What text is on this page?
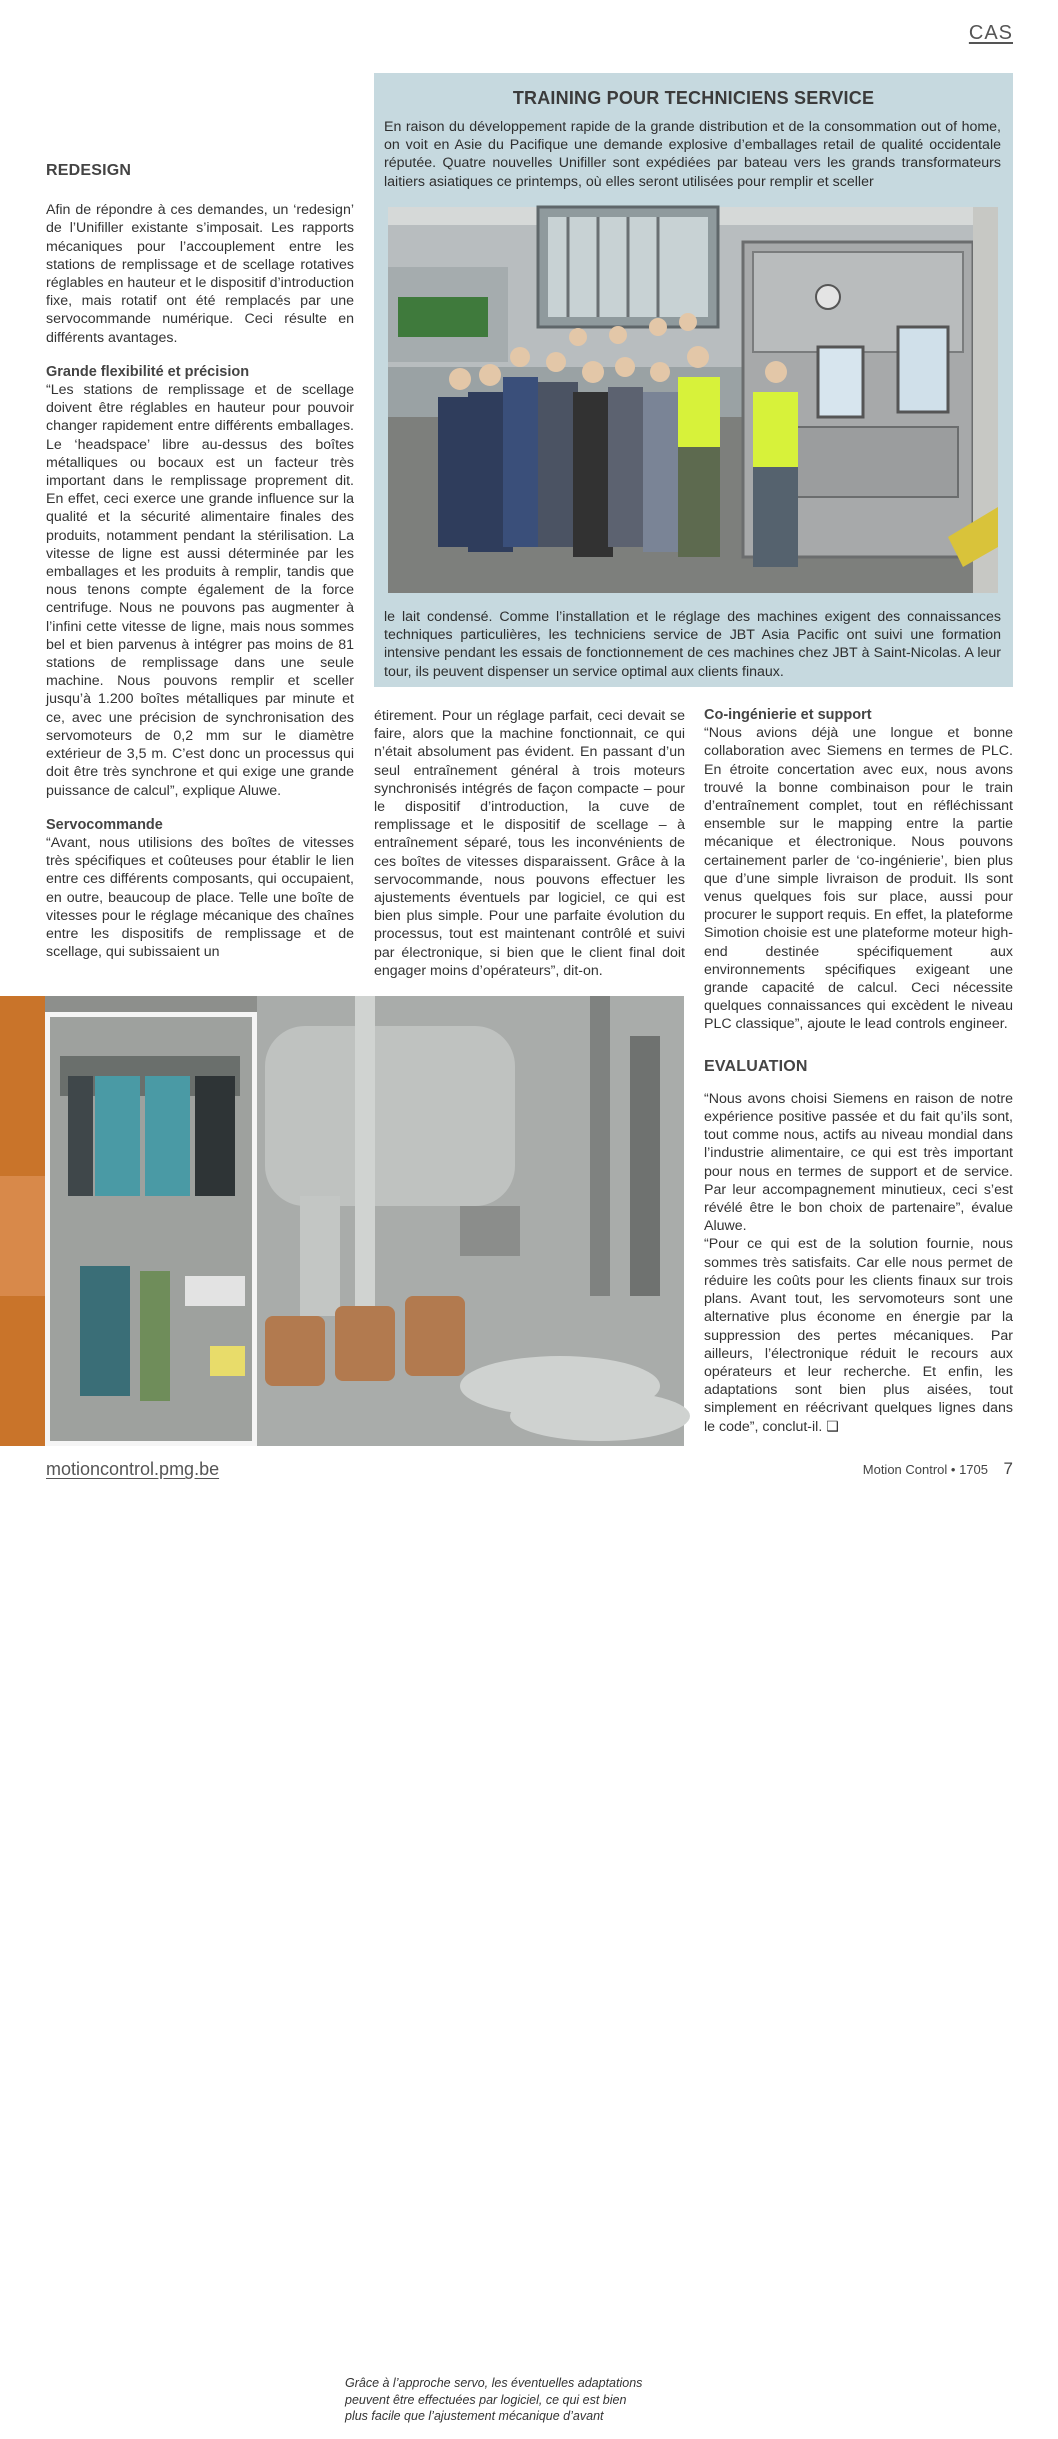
CAS
TRAINING POUR TECHNICIENS SERVICE
En raison du développement rapide de la grande distribution et de la consommation out of home, on voit en Asie du Pacifique une demande explosive d’emballages retail de qualité occidentale réputée. Quatre nouvelles Unifiller sont expédiées par bateau vers les grands transformateurs laitiers asiatiques ce printemps, où elles seront utilisées pour remplir et sceller
le lait condensé. Comme l’installation et le réglage des machines exigent des connaissances techniques particulières, les techniciens service de JBT Asia Pacific ont suivi une formation intensive pendant les essais de fonctionnement de ces machines chez JBT à Saint-Nicolas. A leur tour, ils peuvent dispenser un service optimal aux clients finaux.

REDESIGN

Afin de répondre à ces demandes, un ‘redesign’ de l’Unifiller existante s’imposait. Les rapports mécaniques pour l’accouplement entre les stations de remplissage et de scellage rotatives réglables en hauteur et le dispositif d’introduction fixe, mais rotatif ont été remplacés par une servocommande numérique. Ceci résulte en différents avantages.

Grande flexibilité et précision

“Les stations de remplissage et de scellage doivent être réglables en hauteur pour pouvoir changer rapidement entre différents emballages. Le ‘headspace’ libre au-dessus des boîtes métalliques ou bocaux est un facteur très important dans le remplissage proprement dit. En effet, ceci exerce une grande influence sur la qualité et la sécurité alimentaire finales des produits, notamment pendant la stérilisation. La vitesse de ligne est aussi déterminée par les emballages et les produits à remplir, tandis que nous tenons compte également de la force centrifuge. Nous ne pouvons pas augmenter à l’infini cette vitesse de ligne, mais nous sommes bel et bien parvenus à intégrer pas moins de 81 stations de remplissage dans une seule machine. Nous pouvons remplir et sceller jusqu’à 1.200 boîtes métalliques par minute et ce, avec une précision de synchronisation des servomoteurs de 0,2 mm sur le diamètre extérieur de 3,5 m. C’est donc un processus qui doit être très synchrone et qui exige une grande puissance de calcul”, explique Aluwe.

Servocommande

“Avant, nous utilisions des boîtes de vitesses très spécifiques et coûteuses pour établir le lien entre ces différents composants, qui occupaient, en outre, beaucoup de place. Telle une boîte de vitesses pour le réglage mécanique des chaînes entre les dispositifs de remplissage et de scellage, qui subissaient un

étirement. Pour un réglage parfait, ceci devait se faire, alors que la machine fonctionnait, ce qui n’était absolument pas évident. En passant d’un seul entraînement général à trois moteurs synchronisés intégrés de façon compacte – pour le dispositif d’introduction, la cuve de remplissage et le dispositif de scellage – à entraînement séparé, tous les inconvénients de ces boîtes de vitesses disparaissent. Grâce à la servocommande, nous pouvons effectuer les ajustements éventuels par logiciel, ce qui est bien plus simple. Pour une parfaite évolution du processus, tout est maintenant contrôlé et suivi par électronique, si bien que le client final doit engager moins d’opérateurs”, dit-on.

Co-ingénierie et support

“Nous avions déjà une longue et bonne collaboration avec Siemens en termes de PLC. En étroite concertation avec eux, nous avons trouvé la bonne combinaison pour le train d’entraînement complet, tout en réfléchissant ensemble sur le mapping entre la partie mécanique et électronique. Nous pouvons certainement parler de ‘co-ingénierie’, bien plus que d’une simple livraison de produit. Ils sont venus quelques fois sur place, aussi pour procurer le support requis. En effet, la plateforme Simotion choisie est une plateforme moteur high-end destinée spécifiquement aux environnements spécifiques exigeant une grande capacité de calcul. Ceci nécessite quelques connaissances qui excèdent le niveau PLC classique”, ajoute le lead controls engineer.

EVALUATION

“Nous avons choisi Siemens en raison de notre expérience positive passée et du fait qu’ils sont, tout comme nous, actifs au niveau mondial dans l’industrie alimentaire, ce qui est très important pour nous en termes de support et de service. Par leur accompagnement minutieux, ceci s’est révélé être le bon choix de partenaire”, évalue Aluwe.

“Pour ce qui est de la solution fournie, nous sommes très satisfaits. Car elle nous permet de réduire les coûts pour les clients finaux sur trois plans. Avant tout, les servomoteurs sont une alternative plus économe en énergie par la suppression des pertes mécaniques. Par ailleurs, l’électronique réduit le recours aux opérateurs et leur recherche. Et enfin, les adaptations sont bien plus aisées, tout simplement en réécrivant quelques lignes dans le code”, conclut-il. ❑

Grâce à l’approche servo, les éventuelles adaptations peuvent être effectuées par logiciel, ce qui est bien plus facile que l’ajustement mécanique d’avant
motioncontrol.pmg.be	Motion Control • 1705 7
